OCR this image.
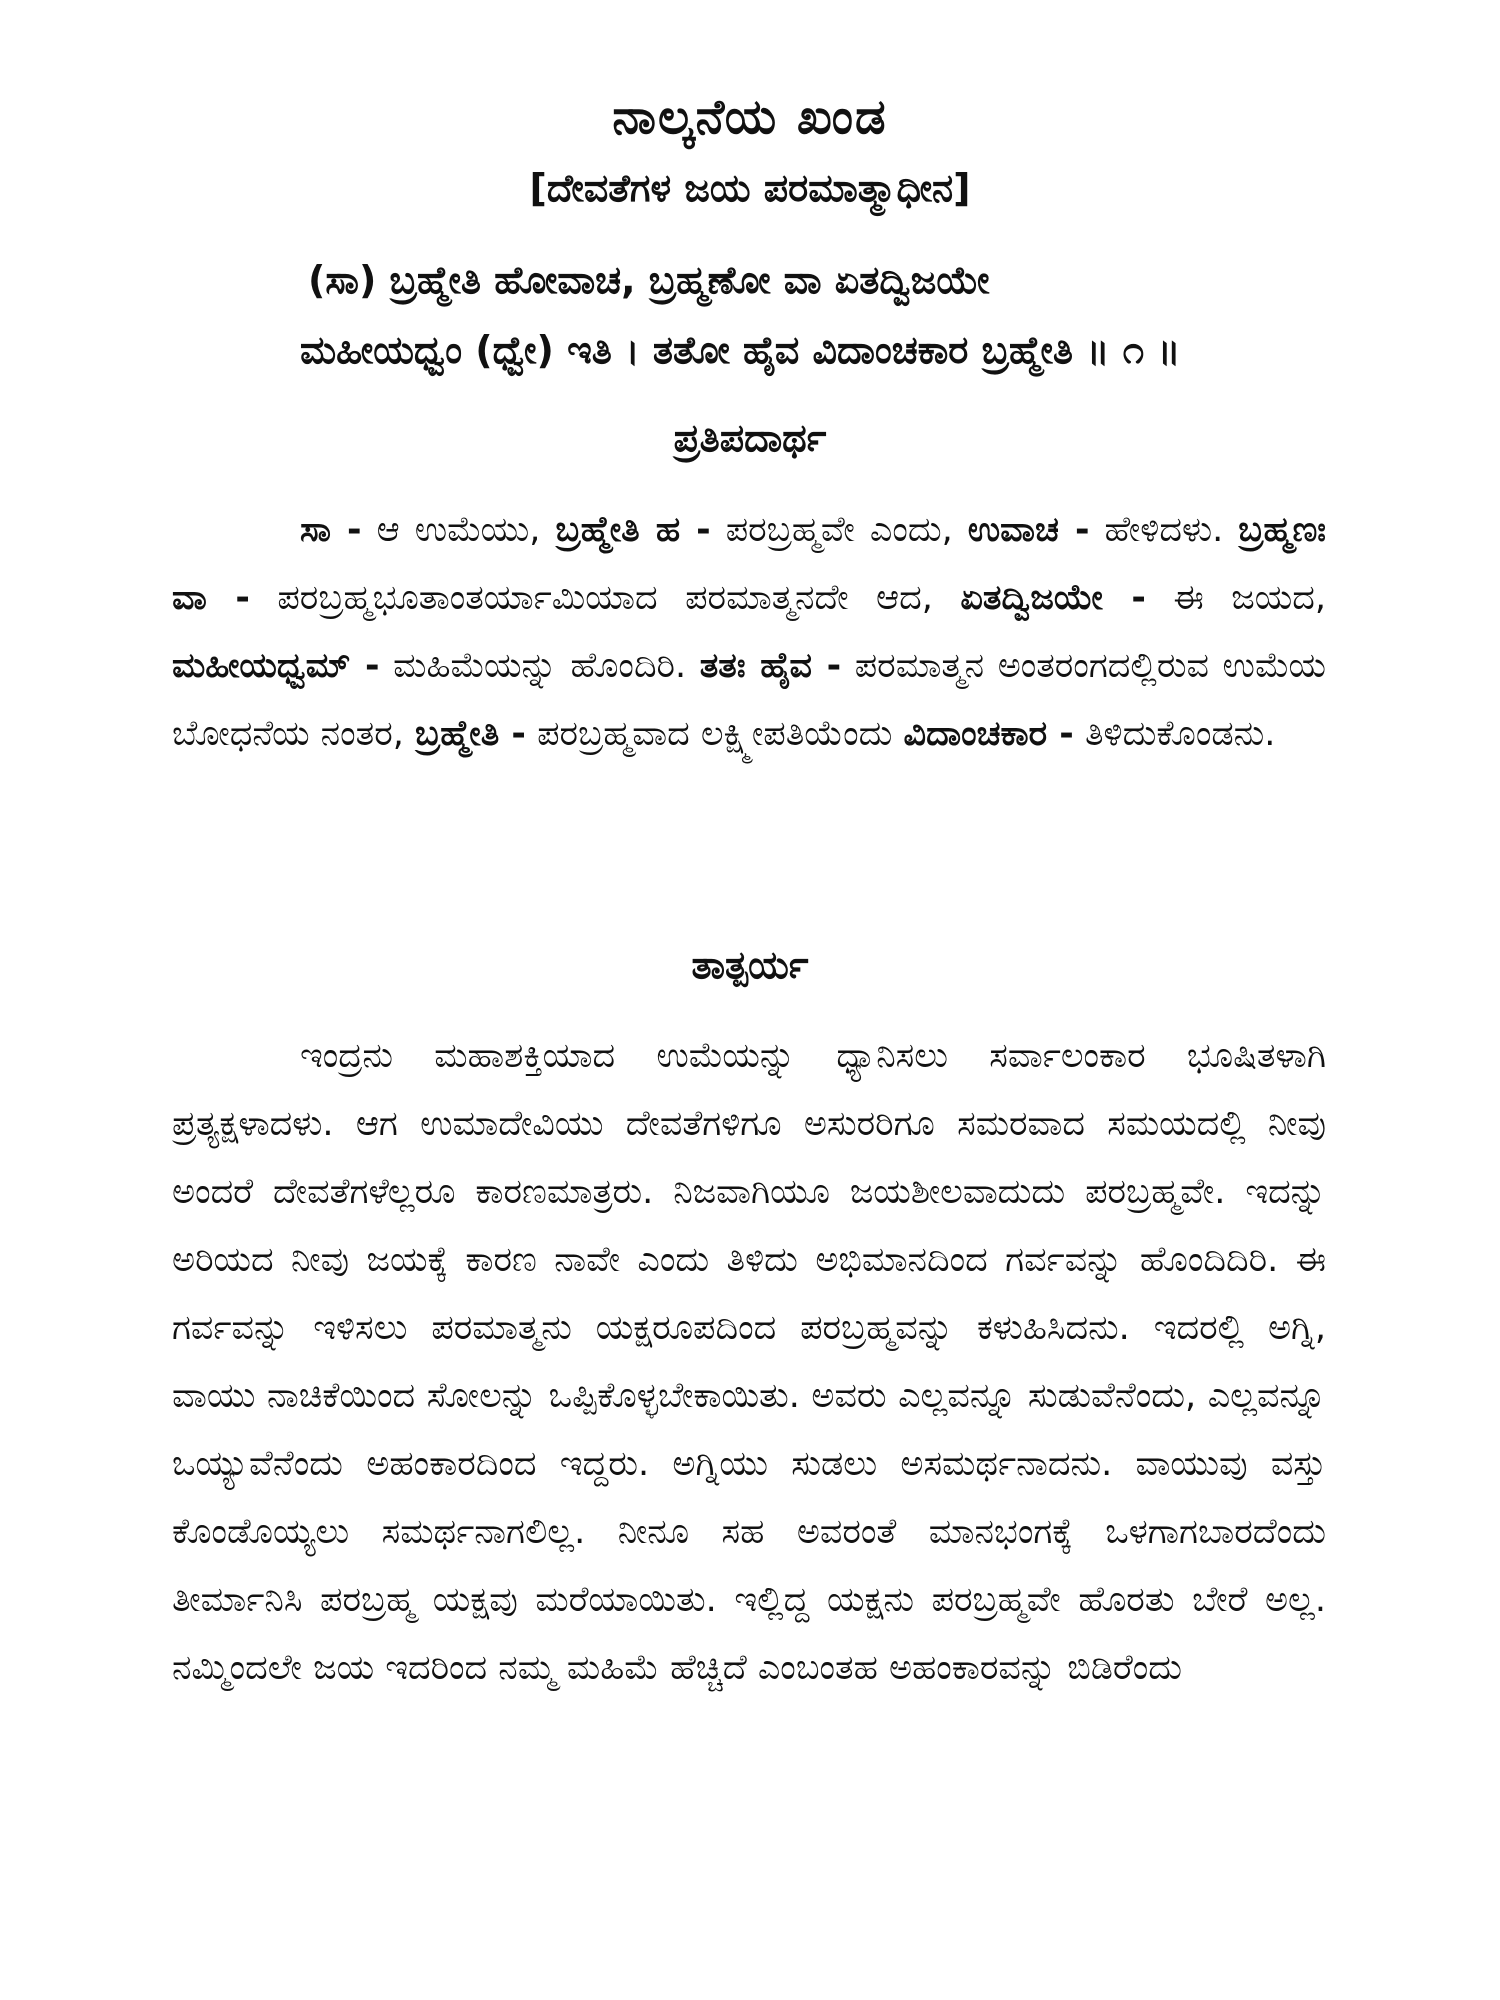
ನಾಲ್ಕನೆಯ ಖಂಡ
[ದೇವತೆಗಳ ಜಯ ಪರಮಾತ್ಮಾಧೀನ]
(ಸಾ) ಬ್ರಹ್ಮೇತಿ ಹೋವಾಚ, ಬ್ರಹ್ಮಣೋ ವಾ ಏತದ್ವಿಜಯೇ
ಮಹೀಯಧ್ವಂ (ಧ್ವೇ) ಇತಿ । ತತೋ ಹೈವ ವಿದಾಂಚಕಾರ ಬ್ರಹ್ಮೇತಿ ॥ ೧ ॥
ಪ್ರತಿಪದಾರ್ಥ

ಸಾ - ಆ ಉಮೆಯು, ಬ್ರಹ್ಮೇತಿ ಹ - ಪರಬ್ರಹ್ಮವೇ ಎಂದು, ಉವಾಚ - ಹೇಳಿದಳು. ಬ್ರಹ್ಮಣಃ ವಾ - ಪರಬ್ರಹ್ಮಭೂತಾಂತರ್ಯಾಮಿಯಾದ ಪರಮಾತ್ಮನದೇ ಆದ, ಏತದ್ವಿಜಯೇ - ಈ ಜಯದ, ಮಹೀಯಧ್ವಮ್ - ಮಹಿಮೆಯನ್ನು ಹೊಂದಿರಿ. ತತಃ ಹೈವ - ಪರಮಾತ್ಮನ ಅಂತರಂಗದಲ್ಲಿರುವ ಉಮೆಯ ಬೋಧನೆಯ ನಂತರ, ಬ್ರಹ್ಮೇತಿ - ಪರಬ್ರಹ್ಮವಾದ ಲಕ್ಷ್ಮೀಪತಿಯೆಂದು ವಿದಾಂಚಕಾರ - ತಿಳಿದುಕೊಂಡನು.

ತಾತ್ಪರ್ಯ

ಇಂದ್ರನು ಮಹಾಶಕ್ತಿಯಾದ ಉಮೆಯನ್ನು ಧ್ಯಾನಿಸಲು ಸರ್ವಾಲಂಕಾರ ಭೂಷಿತಳಾಗಿ ಪ್ರತ್ಯಕ್ಷಳಾದಳು. ಆಗ ಉಮಾದೇವಿಯು ದೇವತೆಗಳಿಗೂ ಅಸುರರಿಗೂ ಸಮರವಾದ ಸಮಯದಲ್ಲಿ ನೀವು ಅಂದರೆ ದೇವತೆಗಳೆಲ್ಲರೂ ಕಾರಣಮಾತ್ರರು. ನಿಜವಾಗಿಯೂ ಜಯಶೀಲವಾದುದು ಪರಬ್ರಹ್ಮವೇ. ಇದನ್ನು ಅರಿಯದ ನೀವು ಜಯಕ್ಕೆ ಕಾರಣ ನಾವೇ ಎಂದು ತಿಳಿದು ಅಭಿಮಾನದಿಂದ ಗರ್ವವನ್ನು ಹೊಂದಿದಿರಿ. ಈ ಗರ್ವವನ್ನು ಇಳಿಸಲು ಪರಮಾತ್ಮನು ಯಕ್ಷರೂಪದಿಂದ ಪರಬ್ರಹ್ಮವನ್ನು ಕಳುಹಿಸಿದನು. ಇದರಲ್ಲಿ ಅಗ್ನಿ, ವಾಯು ನಾಚಿಕೆಯಿಂದ ಸೋಲನ್ನು ಒಪ್ಪಿಕೊಳ್ಳಬೇಕಾಯಿತು. ಅವರು ಎಲ್ಲವನ್ನೂ ಸುಡುವೆನೆಂದು, ಎಲ್ಲವನ್ನೂ ಒಯ್ಯುವೆನೆಂದು ಅಹಂಕಾರದಿಂದ ಇದ್ದರು. ಅಗ್ನಿಯು ಸುಡಲು ಅಸಮರ್ಥನಾದನು. ವಾಯುವು ವಸ್ತು ಕೊಂಡೊಯ್ಯಲು ಸಮರ್ಥನಾಗಲಿಲ್ಲ. ನೀನೂ ಸಹ ಅವರಂತೆ ಮಾನಭಂಗಕ್ಕೆ ಒಳಗಾಗಬಾರದೆಂದು ತೀರ್ಮಾನಿಸಿ ಪರಬ್ರಹ್ಮ ಯಕ್ಷವು ಮರೆಯಾಯಿತು. ಇಲ್ಲಿದ್ದ ಯಕ್ಷನು ಪರಬ್ರಹ್ಮವೇ ಹೊರತು ಬೇರೆ ಅಲ್ಲ. ನಮ್ಮಿಂದಲೇ ಜಯ ಇದರಿಂದ ನಮ್ಮ ಮಹಿಮೆ ಹೆಚ್ಚಿದೆ ಎಂಬಂತಹ ಅಹಂಕಾರವನ್ನು ಬಿಡಿರೆಂದು
